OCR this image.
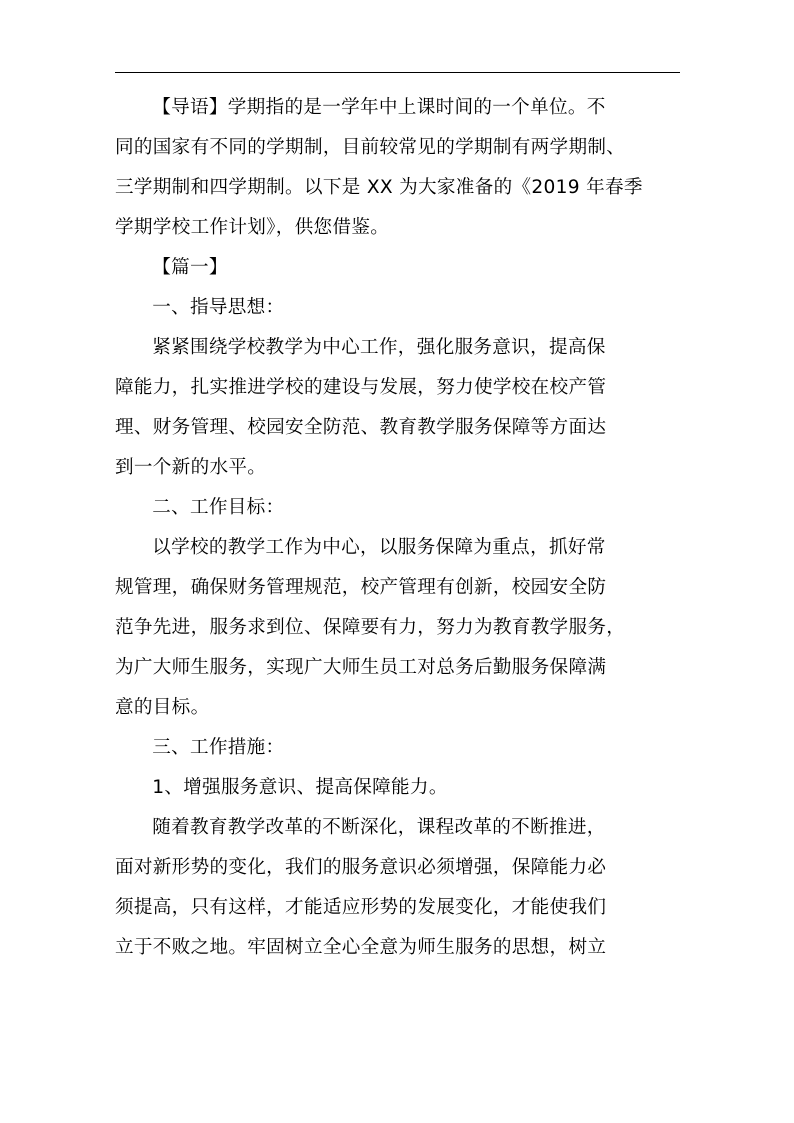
【导语】学期指的是一学年中上课时间的一个单位。不
同的国家有不同的学期制，目前较常见的学期制有两学期制、
三学期制和四学期制。以下是 XX 为大家准备的《2019 年春季
学期学校工作计划》，供您借鉴。

【篇一】

一、指导思想：

紧紧围绕学校教学为中心工作，强化服务意识，提高保
障能力，扎实推进学校的建设与发展，努力使学校在校产管
理、财务管理、校园安全防范、教育教学服务保障等方面达
到一个新的水平。

二、工作目标：

以学校的教学工作为中心，以服务保障为重点，抓好常
规管理，确保财务管理规范，校产管理有创新，校园安全防
范争先进，服务求到位、保障要有力，努力为教育教学服务，
为广大师生服务，实现广大师生员工对总务后勤服务保障满
意的目标。

三、工作措施：

1、增强服务意识、提高保障能力。

随着教育教学改革的不断深化，课程改革的不断推进，
面对新形势的变化，我们的服务意识必须增强，保障能力必
须提高，只有这样，才能适应形势的发展变化，才能使我们
立于不败之地。牢固树立全心全意为师生服务的思想，树立
